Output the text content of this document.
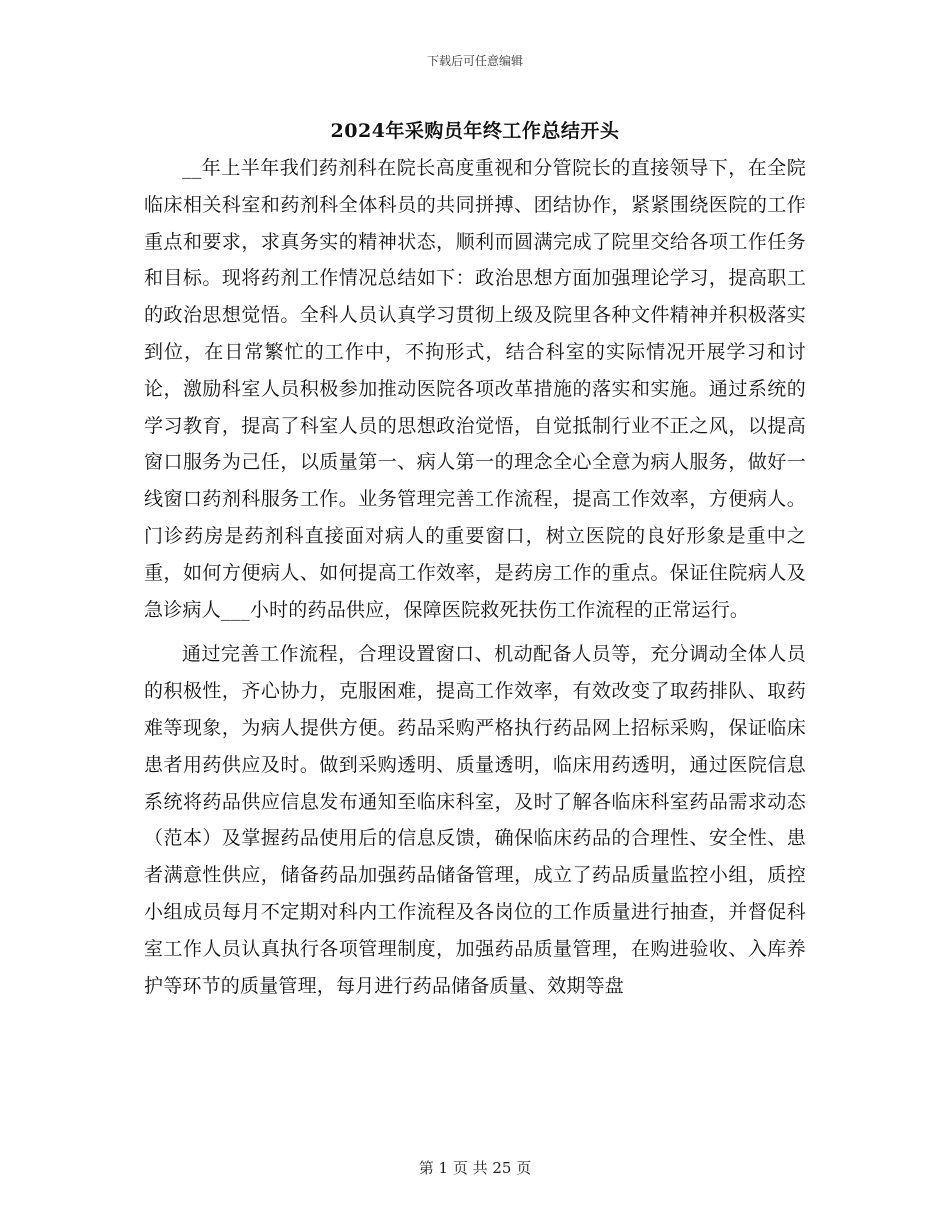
下载后可任意编辑
2024年采购员年终工作总结开头

__年上半年我们药剂科在院长高度重视和分管院长的直接领导下，在全院临床相关科室和药剂科全体科员的共同拼搏、团结协作，紧紧围绕医院的工作重点和要求，求真务实的精神状态，顺利而圆满完成了院里交给各项工作任务和目标。现将药剂工作情况总结如下：政治思想方面加强理论学习，提高职工的政治思想觉悟。全科人员认真学习贯彻上级及院里各种文件精神并积极落实到位，在日常繁忙的工作中，不拘形式，结合科室的实际情况开展学习和讨论，激励科室人员积极参加推动医院各项改革措施的落实和实施。通过系统的学习教育，提高了科室人员的思想政治觉悟，自觉抵制行业不正之风，以提高窗口服务为己任，以质量第一、病人第一的理念全心全意为病人服务，做好一线窗口药剂科服务工作。业务管理完善工作流程，提高工作效率，方便病人。门诊药房是药剂科直接面对病人的重要窗口，树立医院的良好形象是重中之重，如何方便病人、如何提高工作效率，是药房工作的重点。保证住院病人及急诊病人___小时的药品供应，保障医院救死扶伤工作流程的正常运行。

通过完善工作流程，合理设置窗口、机动配备人员等，充分调动全体人员的积极性，齐心协力，克服困难，提高工作效率，有效改变了取药排队、取药难等现象，为病人提供方便。药品采购严格执行药品网上招标采购，保证临床患者用药供应及时。做到采购透明、质量透明，临床用药透明，通过医院信息系统将药品供应信息发布通知至临床科室，及时了解各临床科室药品需求动态（范本）及掌握药品使用后的信息反馈，确保临床药品的合理性、安全性、患者满意性供应，储备药品加强药品储备管理，成立了药品质量监控小组，质控小组成员每月不定期对科内工作流程及各岗位的工作质量进行抽查，并督促科室工作人员认真执行各项管理制度，加强药品质量管理，在购进验收、入库养护等环节的质量管理，每月进行药品储备质量、效期等盘

第 1 页 共 25 页
